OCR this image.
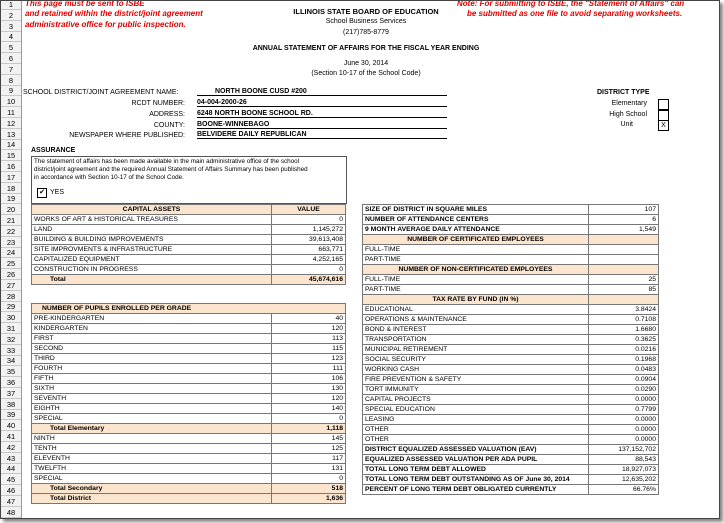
1
2
3
4
5
6
7
8
9
10
11
12
13
14
15
16
17
18
19
20
21
22
23
24
25
26
27
28
29
30
31
32
33
34
35
36
37
38
39
40
41
42
43
44
45
46
47
48
This page must be sent to ISBE
and retained within the district/joint agreement
administrative office for public inspection.
Note: For submitting to ISBE, the "Statement of Affairs" can
be submitted as one file to avoid separating worksheets.
ILLINOIS STATE BOARD OF EDUCATION
School Business Services
(217)785-8779
ANNUAL STATEMENT OF AFFAIRS FOR THE FISCAL YEAR ENDING
June 30, 2014
(Section 10-17 of the School Code)
SCHOOL DISTRICT/JOINT AGREEMENT NAME:	NORTH BOONE CUSD #200
RCDT NUMBER: 04-004-2000-26
ADDRESS: 6248 NORTH BOONE SCHOOL RD.
COUNTY: BOONE-WINNEBAGO
NEWSPAPER WHERE PUBLISHED: BELVIDERE DAILY REPUBLICAN
DISTRICT TYPE
Elementary
High School
Unit	X
ASSURANCE
The statement of affairs has been made available in the main administrative office of the school
district/joint agreement and the required Annual Statement of Affairs Summary has been published
in accordance with Section 10-17 of the School Code.
✔ YES
CAPITAL ASSETS	VALUE
WORKS OF ART & HISTORICAL TREASURES	0
LAND	1,145,272
BUILDING & BUILDING IMPROVEMENTS	39,613,408
SITE IMPROVMENTS & INFRASTRUCTURE	663,771
CAPITALIZED EQUIPMENT	4,252,165
CONSTRUCTION IN PROGRESS	0
Total	45,674,616
NUMBER OF PUPILS ENROLLED PER GRADE	
PRE-KINDERGARTEN	40
KINDERGARTEN	120
FIRST	113
SECOND	115
THIRD	123
FOURTH	111
FIFTH	106
SIXTH	130
SEVENTH	120
EIGHTH	140
SPECIAL	0
Total Elementary	1,118
NINTH	145
TENTH	125
ELEVENTH	117
TWELFTH	131
SPECIAL	0
Total Secondary	518
Total District	1,636
SIZE OF DISTRICT IN SQUARE MILES	107
NUMBER OF ATTENDANCE CENTERS	6
9 MONTH AVERAGE DAILY ATTENDANCE	1,549
NUMBER OF CERTIFICATED EMPLOYEES	
FULL-TIME	
PART-TIME	
NUMBER OF NON-CERTIFICATED EMPLOYEES	
FULL-TIME	25
PART-TIME	85
TAX RATE BY FUND (IN %)	
EDUCATIONAL	3.8424
OPERATIONS & MAINTENANCE	0.7108
BOND & INTEREST	1.6680
TRANSPORTATION	0.3625
MUNICIPAL RETIREMENT	0.0216
SOCIAL SECURITY	0.1968
WORKING CASH	0.0483
FIRE PREVENTION & SAFETY	0.0904
TORT IMMUNITY	0.0290
CAPITAL PROJECTS	0.0000
SPECIAL EDUCATION	0.7799
LEASING	0.0000
OTHER	0.0000
OTHER	0.0000
DISTRICT EQUALIZED ASSESSED VALUATION (EAV)	137,152,702
EQUALIZED ASSESSED VALUATION PER ADA PUPIL	88,543
TOTAL LONG TERM DEBT ALLOWED	18,927,073
TOTAL LONG TERM DEBT OUTSTANDING AS OF June 30, 2014	12,635,202
PERCENT OF LONG TERM DEBT OBLIGATED CURRENTLY	66.76%
